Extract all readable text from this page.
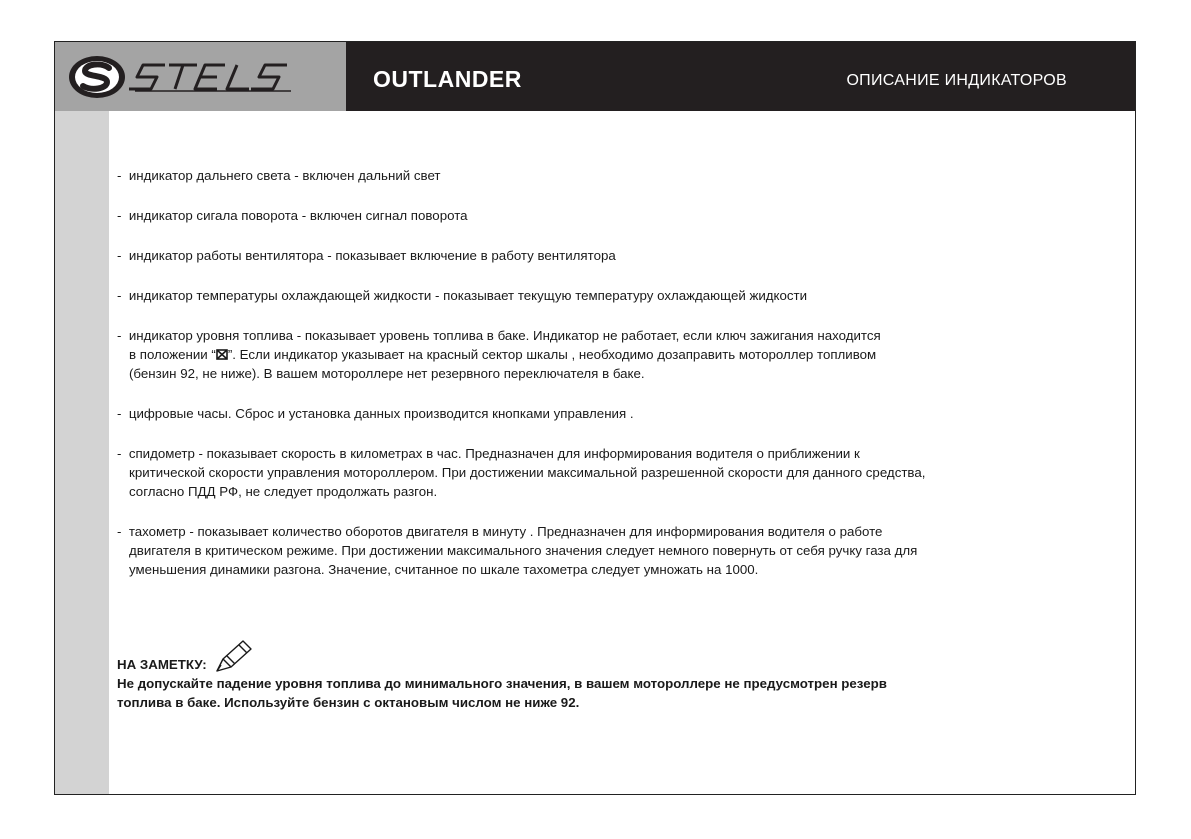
OUTLANDER	ОПИСАНИЕ ИНДИКАТОРОВ

- индикатор дальнего света - включен дальний свет

- индикатор сигала поворота - включен сигнал поворота

- индикатор работы вентилятора - показывает включение в работу вентилятора

- индикатор температуры охлаждающей жидкости - показывает текущую температуру охлаждающей жидкости

- индикатор уровня топлива - показывает уровень топлива в баке. Индикатор не работает, если ключ зажигания находится
в положении “ ”. Если индикатор указывает на красный сектор шкалы , необходимо дозаправить мотороллер топливом
(бензин 92, не ниже). В вашем мотороллере нет резервного переключателя в баке.

- цифровые часы. Сброс и установка данных производится кнопками управления .

- спидометр - показывает скорость в километрах в час. Предназначен для информирования водителя о приближении к
критической скорости управления мотороллером. При достижении максимальной разрешенной скорости для данного средства,
согласно ПДД РФ, не следует продолжать разгон.
- тахометр - показывает количество оборотов двигателя в минуту . Предназначен для информирования водителя о работе
двигателя в критическом режиме. При достижении максимального значения следует немного повернуть от себя ручку газа для
уменьшения динамики разгона. Значение, считанное по шкале тахометра следует умножать на 1000.
НА ЗАМЕТКУ:
Не допускайте падение уровня топлива до минимального значения, в вашем мотороллере не предусмотрен резерв
топлива в баке. Используйте бензин с октановым числом не ниже 92.
